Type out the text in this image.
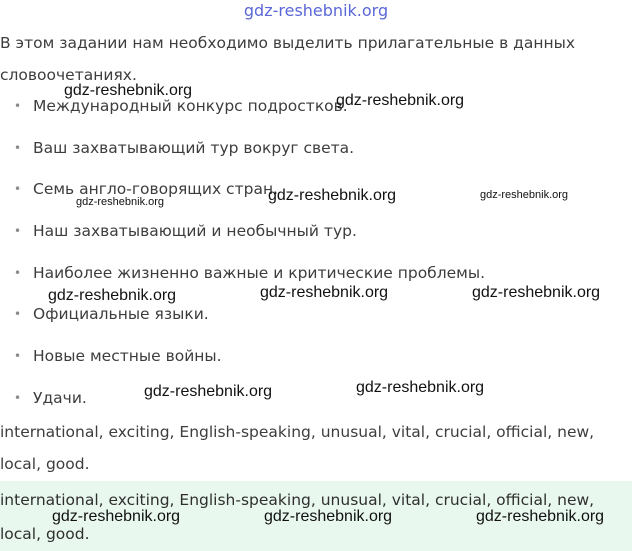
gdz-reshebnik.org
В этом задании нам необходимо выделить прилагательные в данных словоочетаниях.
• Международный конкурс подростков.
• Ваш захватывающий тур вокруг света.
• Семь англо-говорящих стран.
• Наш захватывающий и необычный тур.
• Наиболее жизненно важные и критические проблемы.
• Официальные языки.
• Новые местные войны.
• Удачи.
international, exciting, English-speaking, unusual, vital, crucial, official, new, local, good.
international, exciting, English-speaking, unusual, vital, crucial, official, new, local, good.
gdz-reshebnik.org
gdz-reshebnik.org
gdz-reshebnik.org
gdz-reshebnik.org
gdz-reshebnik.org
gdz-reshebnik.org	gdz-reshebnik.org	gdz-reshebnik.org
gdz-reshebnik.org	gdz-reshebnik.org
gdz-reshebnik.org	gdz-reshebnik.org	gdz-reshebnik.org
